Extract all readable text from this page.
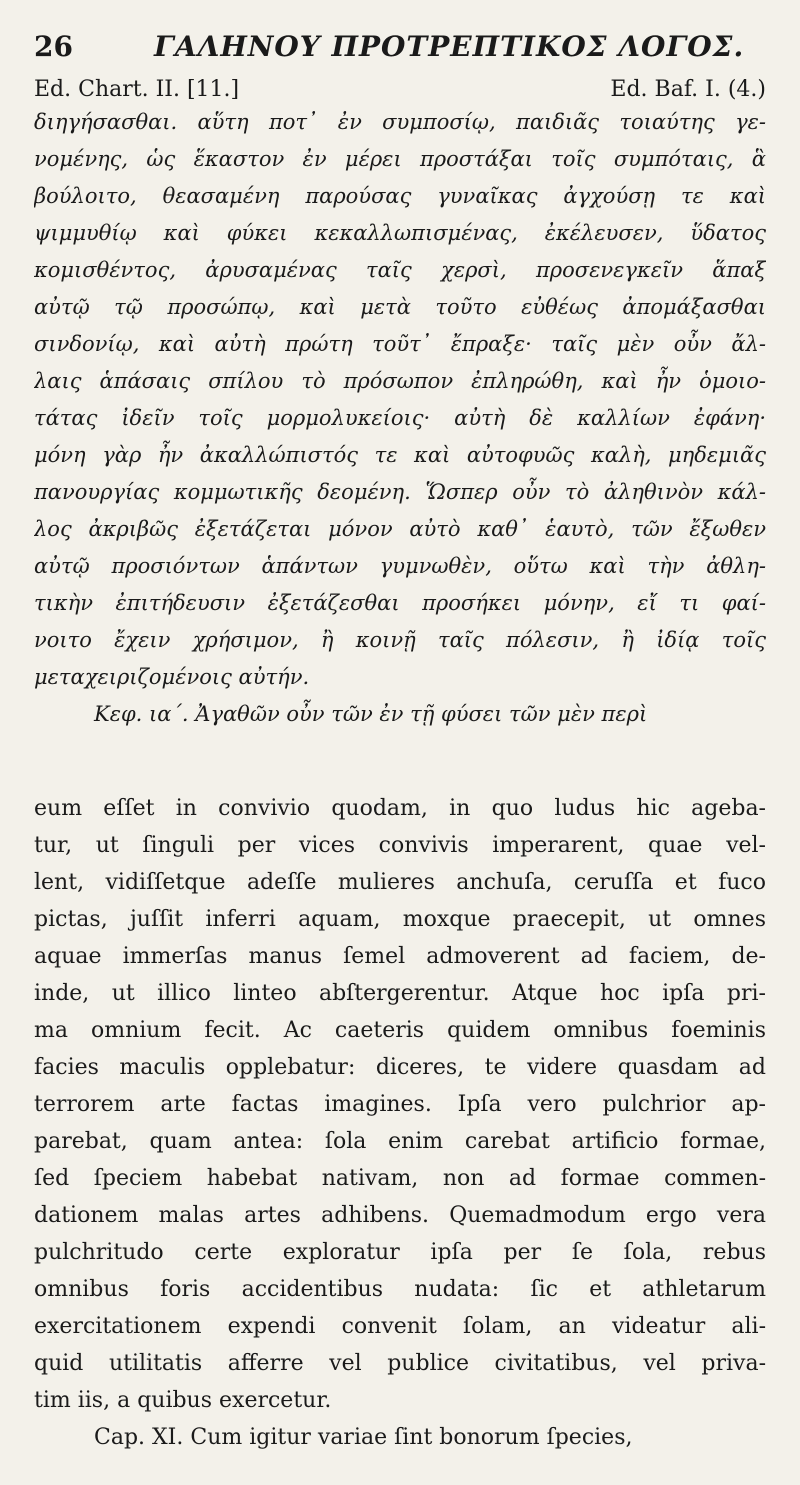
26	ΓΑΛΗΝΟΥ ΠΡΟΤΡΕΠΤΙΚΟΣ ΛΟΓΟΣ.
Ed. Chart. II. [11.]	Ed. Baf. I. (4.)
διηγήσασθαι. αὕτη ποτ᾽ ἐν συμποσίῳ, παιδιᾶς τοιαύτης γε-
νομένης, ὡς ἕκαστον ἐν μέρει προστάξαι τοῖς συμπόταις, ἃ
βούλοιτο, θεασαμένη παρούσας γυναῖκας ἀγχούσῃ τε καὶ
ψιμμυθίῳ καὶ φύκει κεκαλλωπισμένας, ἐκέλευσεν, ὕδατος
κομισθέντος, ἀρυσαμένας ταῖς χερσὶ, προσενεγκεῖν ἅπαξ
αὐτῷ τῷ προσώπῳ, καὶ μετὰ τοῦτο εὐθέως ἀπομάξασθαι
σινδονίῳ, καὶ αὐτὴ πρώτη τοῦτ᾽ ἔπραξε· ταῖς μὲν οὖν ἄλ-
λαις ἁπάσαις σπίλου τὸ πρόσωπον ἐπληρώθη, καὶ ἦν ὁμοιο-
τάτας ἰδεῖν τοῖς μορμολυκείοις· αὐτὴ δὲ καλλίων ἐφάνη·
μόνη γὰρ ἦν ἀκαλλώπιστός τε καὶ αὐτοφυῶς καλὴ, μηδεμιᾶς
πανουργίας κομμωτικῆς δεομένη. Ὥσπερ οὖν τὸ ἀληθινὸν κάλ-
λος ἀκριβῶς ἐξετάζεται μόνον αὐτὸ καθ᾽ ἑαυτὸ, τῶν ἔξωθεν
αὐτῷ προσιόντων ἁπάντων γυμνωθὲν, οὕτω καὶ τὴν ἀθλη-
τικὴν ἐπιτήδευσιν ἐξετάζεσθαι προσήκει μόνην, εἴ τι φαί-
νοιτο ἔχειν χρήσιμον, ἢ κοινῇ ταῖς πόλεσιν, ἢ ἰδίᾳ τοῖς
μεταχειριζομένοις αὐτήν.
Κεφ. ια΄. Ἀγαθῶν οὖν τῶν ἐν τῇ φύσει τῶν μὲν περὶ
eum eſſet in convivio quodam, in quo ludus hic ageba-
tur, ut ſinguli per vices convivis imperarent, quae vel-
lent, vidiſſetque adeſſe mulieres anchuſa, ceruſſa et fuco
pictas, juſſit inferri aquam, moxque praecepit, ut omnes
aquae immerſas manus ſemel admoverent ad faciem, de-
inde, ut illico linteo abſtergerentur. Atque hoc ipſa pri-
ma omnium fecit. Ac caeteris quidem omnibus foeminis
facies maculis opplebatur: diceres, te videre quasdam ad
terrorem arte factas imagines. Ipſa vero pulchrior ap-
parebat, quam antea: ſola enim carebat artificio formae,
ſed ſpeciem habebat nativam, non ad formae commen-
dationem malas artes adhibens. Quemadmodum ergo vera
pulchritudo certe exploratur ipſa per ſe ſola, rebus
omnibus foris accidentibus nudata: ſic et athletarum
exercitationem expendi convenit ſolam, an videatur ali-
quid utilitatis afferre vel publice civitatibus, vel priva-
tim iis, a quibus exercetur.
Cap. XI. Cum igitur variae ſint bonorum ſpecies,
